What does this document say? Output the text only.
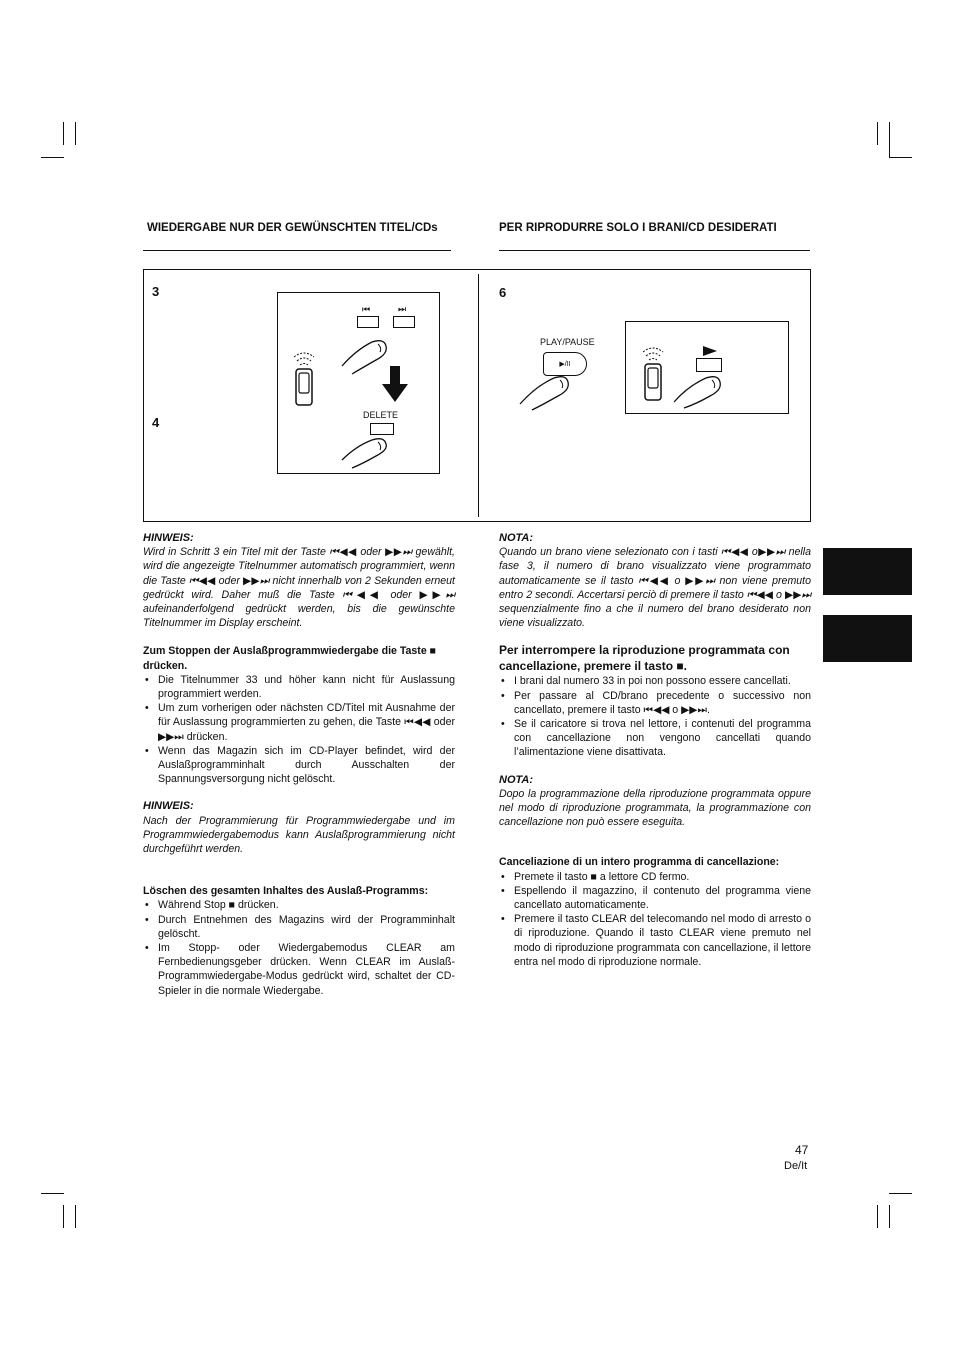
WIEDERGABE NUR DER GEWÜNSCHTEN TITEL/CDs	PER RIPRODURRE SOLO I BRANI/CD DESIDERATI
3
4
6
⏮	⏭
DELETE
PLAY/PAUSE
▶/II

HINWEIS:

Wird in Schritt 3 ein Titel mit der Taste ⏮◀◀ oder ▶▶⏭ gewählt, wird die angezeigte Titelnummer automatisch programmiert, wenn die Taste ⏮◀◀ oder ▶▶⏭ nicht innerhalb von 2 Sekunden erneut gedrückt wird. Daher muß die Taste ⏮◀◀ oder ▶▶⏭ aufeinanderfolgend gedrückt werden, bis die gewünschte Titelnummer im Display erscheint.

Zum Stoppen der Auslaßprogrammwiedergabe die Taste ■ drücken.

• Die Titelnummer 33 und höher kann nicht für Auslassung programmiert werden.
• Um zum vorherigen oder nächsten CD/Titel mit Ausnahme der für Auslassung programmierten zu gehen, die Taste ⏮◀◀ oder ▶▶⏭ drücken.
• Wenn das Magazin sich im CD-Player befindet, wird der Auslaßprogramminhalt durch Ausschalten der Spannungsversorgung nicht gelöscht.

HINWEIS:

Nach der Programmierung für Programmwiedergabe und im Programmwiedergabemodus kann Auslaßprogrammierung nicht durchgeführt werden.

Löschen des gesamten Inhaltes des Auslaß-Programms:

• Während Stop ■ drücken.
• Durch Entnehmen des Magazins wird der Programminhalt gelöscht.
• Im Stopp- oder Wiedergabemodus CLEAR am Fernbedienungsgeber drücken. Wenn CLEAR im Auslaß-Programmwiedergabe-Modus gedrückt wird, schaltet der CD-Spieler in die normale Wiedergabe.

NOTA:

Quando un brano viene selezionato con i tasti ⏮◀◀ o▶▶⏭ nella fase 3, il numero di brano visualizzato viene programmato automaticamente se il tasto ⏮◀◀ o ▶▶⏭ non viene premuto entro 2 secondi. Accertarsi perciò di premere il tasto ⏮◀◀ o ▶▶⏭ sequenzialmente fino a che il numero del brano desiderato non viene visualizzato.

Per interrompere la riproduzione programmata con cancellazione, premere il tasto ■.

• I brani dal numero 33 in poi non possono essere cancellati.
• Per passare al CD/brano precedente o successivo non cancellato, premere il tasto ⏮◀◀ o ▶▶⏭.
• Se il caricatore si trova nel lettore, i contenuti del programma con cancellazione non vengono cancellati quando l’alimentazione viene disattivata.

NOTA:

Dopo la programmazione della riproduzione programmata oppure nel modo di riproduzione programmata, la programmazione con cancellazione non può essere eseguita.

Canceliazione di un intero programma di cancellazione:

• Premete il tasto ■ a lettore CD fermo.
• Espellendo il magazzino, il contenuto del programma viene cancellato automaticamente.
• Premere il tasto CLEAR del telecomando nel modo di arresto o di riproduzione. Quando il tasto CLEAR viene premuto nel modo di riproduzione programmata con cancellazione, il lettore entra nel modo di riproduzione normale.
47
De/It
